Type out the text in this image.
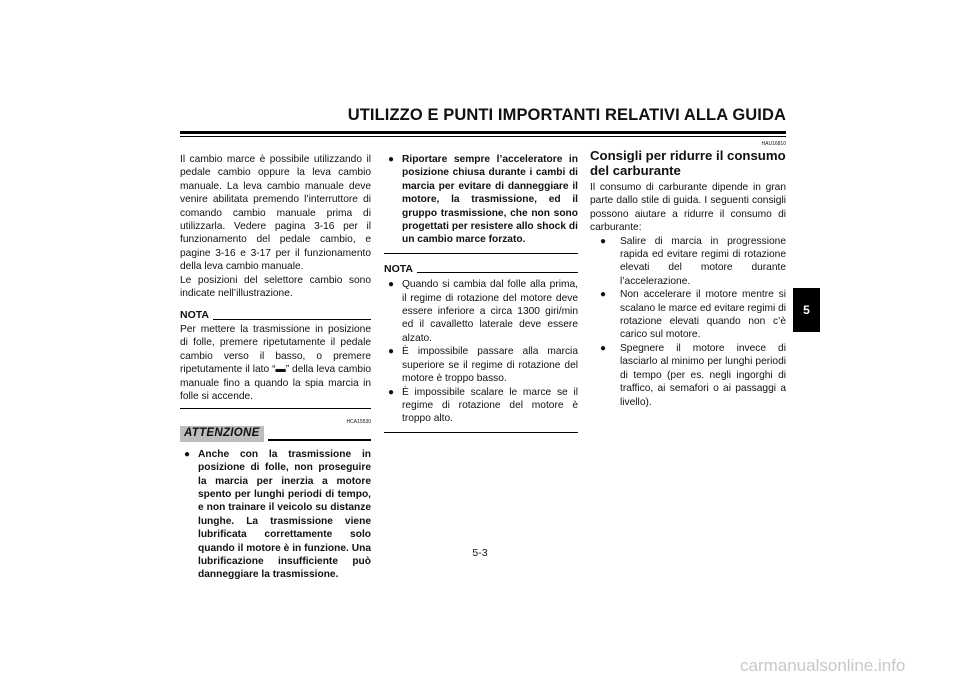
UTILIZZO E PUNTI IMPORTANTI RELATIVI ALLA GUIDA
5

Il cambio marce è possibile utilizzando il pedale cambio oppure la leva cambio manuale. La leva cambio manuale deve venire abilitata premendo l’interruttore di comando cambio manuale prima di utilizzarla. Vedere pagina 3-16 per il funzionamento del pedale cambio, e pagine 3-16 e 3-17 per il funzionamento della leva cambio manuale.

Le posizioni del selettore cambio sono indicate nell’illustrazione.

NOTA

Per mettere la trasmissione in posizione di folle, premere ripetutamente il pedale cambio verso il basso, o premere ripetutamente il lato “▬” della leva cambio manuale fino a quando la spia marcia in folle si accende.

HCA15530
ATTENZIONE
● Anche con la trasmissione in posizione di folle, non proseguire la marcia per inerzia a motore spento per lunghi periodi di tempo, e non trainare il veicolo su distanze lunghe. La trasmissione viene lubrificata correttamente solo quando il motore è in funzione. Una lubrificazione insufficiente può danneggiare la trasmissione.
● Riportare sempre l’acceleratore in posizione chiusa durante i cambi di marcia per evitare di danneggiare il motore, la trasmissione, ed il gruppo trasmissione, che non sono progettati per resistere allo shock di un cambio marce forzato.
NOTA
● Quando si cambia dal folle alla prima, il regime di rotazione del motore deve essere inferiore a circa 1300 giri/min ed il cavalletto laterale deve essere alzato.
● È impossibile passare alla marcia superiore se il regime di rotazione del motore è troppo basso.
● È impossibile scalare le marce se il regime di rotazione del motore è troppo alto.
HAU16810
Consigli per ridurre il consumo del carburante

Il consumo di carburante dipende in gran parte dallo stile di guida. I seguenti consigli possono aiutare a ridurre il consumo di carburante:

●	Salire di marcia in progressione rapida ed evitare regimi di rotazione elevati del motore durante l’accelerazione.
●	Non accelerare il motore mentre si scalano le marce ed evitare regimi di rotazione elevati quando non c’è carico sul motore.
●	Spegnere il motore invece di lasciarlo al minimo per lunghi periodi di tempo (per es. negli ingorghi di traffico, ai semafori o ai passaggi a livello).
5-3
carmanualsonline.info
